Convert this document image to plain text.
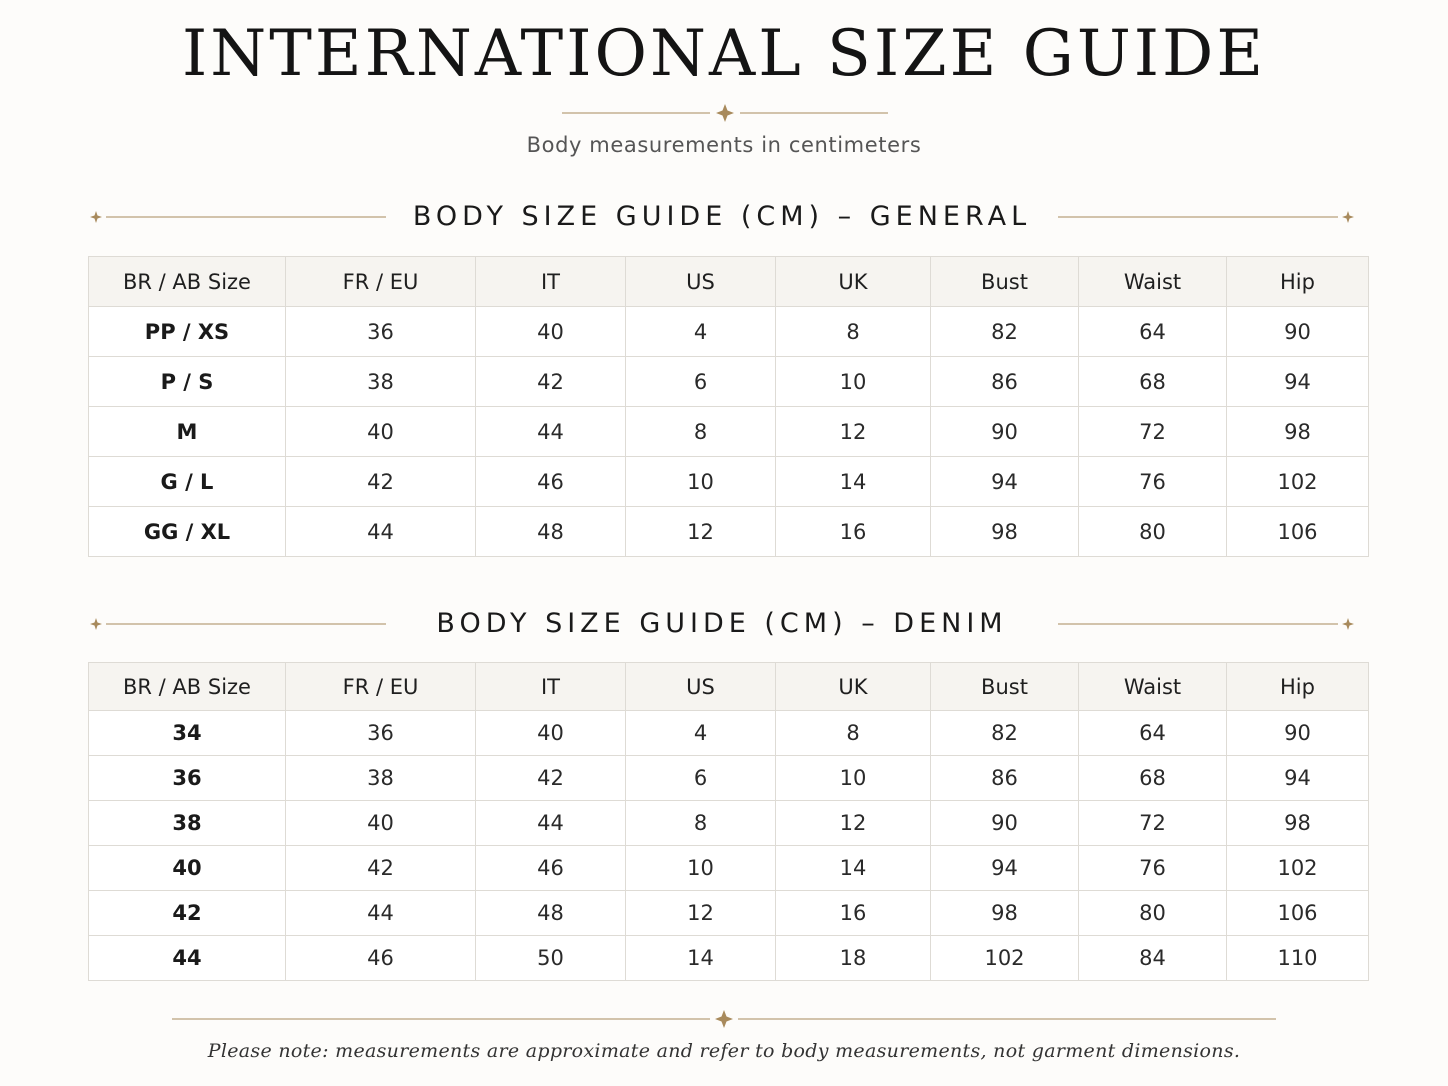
INTERNATIONAL SIZE GUIDE
Body measurements in centimeters
BODY SIZE GUIDE (CM) – GENERAL
BR / AB Size	FR / EU	IT	US	UK	Bust	Waist	Hip
PP / XS	36	40	4	8	82	64	90
P / S	38	42	6	10	86	68	94
M	40	44	8	12	90	72	98
G / L	42	46	10	14	94	76	102
GG / XL	44	48	12	16	98	80	106
BODY SIZE GUIDE (CM) – DENIM
BR / AB Size	FR / EU	IT	US	UK	Bust	Waist	Hip
34	36	40	4	8	82	64	90
36	38	42	6	10	86	68	94
38	40	44	8	12	90	72	98
40	42	46	10	14	94	76	102
42	44	48	12	16	98	80	106
44	46	50	14	18	102	84	110
Please note: measurements are approximate and refer to body measurements, not garment dimensions.
